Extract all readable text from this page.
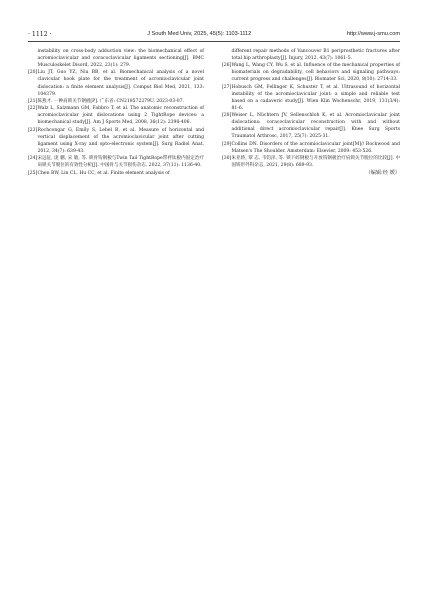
· 1112 ·	J South Med Univ, 2025, 45(5): 1103-1112	http://www.j-smu.com
instability on cross-body adduction view: the biomechanical effect of acromioclavicular and coracoclavicular ligaments sectioning[J]. BMC Musculoskelet Disord, 2022, 23(1): 279.
[20] Liu JT, Guo YZ, Niu BB, et al. Biomechanical analysis of a novel clavicular hook plate for the treatment of acromioclavicular joint dislocation: a finite element analysis[J]. Comput Biol Med, 2021, 133: 104379.
[21] 陈燕才. 一种肩锁关节钢板[P]. 广东省: CN218572279U, 2023-03-07.
[22] Walz L, Salzmann GM, Fabbro T, et al. The anatomic reconstruction of acromioclavicular joint dislocations using 2 TightRope devices: a biomechanical study[J]. Am J Sports Med, 2008, 36(12): 2398-406.
[23] Rochcongar G, Emily S, Lebel B, et al. Measure of horizontal and vertical displacement of the acromioclavicular joint after cutting ligament using X-ray and opto-electronic system[J]. Surg Radiol Anat, 2012, 34(7): 639-43.
[24] 宋远征, 庞 鹏, 宋 敏, 等. 锁骨钩钢板与Twin Tail TightRope带袢钛板内固定治疗肩锁关节脱位的有效性分析[J]. 中国骨与关节损伤杂志, 2022, 37(11): 1136-40.
[25] Chen BW, Lin CL, Hu CC, et al. Finite element analysis of
different repair methods of Vancouver B1 periprosthetic fractures after total hip arthroplasty[J]. Injury, 2012, 43(7): 1061-5.
[26] Wang L, Wang CY, Wu S, et al. Influence of the mechanical properties of biomaterials on degradability, cell behaviors and signaling pathways: current progress and challenges[J]. Biomater Sci, 2020, 8(10): 2714-33.
[27] Hobusch GM, Fellinger K, Schuster T, et al. Ultrasound of horizontal instability of the acromioclavicular joint: a simple and reliable test based on a cadaveric study[J]. Wien Klin Wochenschr, 2019, 131(3/4): 81-6.
[28] Weiser L, Nüchtern JV, Sellenschloh K, et al. Acromioclavicular joint dislocations: coracoclavicular reconstruction with and without additional direct acromioclavicular repair[J]. Knee Surg Sports Traumatol Arthrosc, 2017, 25(7): 2025-31.
[29] Collins DN. Disorders of the acromioclavicular joint[M]// Rockwood and Matsen's The Shoulder. Amsterdam: Elsevier, 2009: 453-526.
[30] 朱亚娇, 覃 志, 韦钧泽, 等. 锁下碎钢板与开放钩钢板治疗肩锁关节脱位的比较[J]. 中国矫形外科杂志, 2021, 29(8): 689-93.
（编辑:经 媛）
